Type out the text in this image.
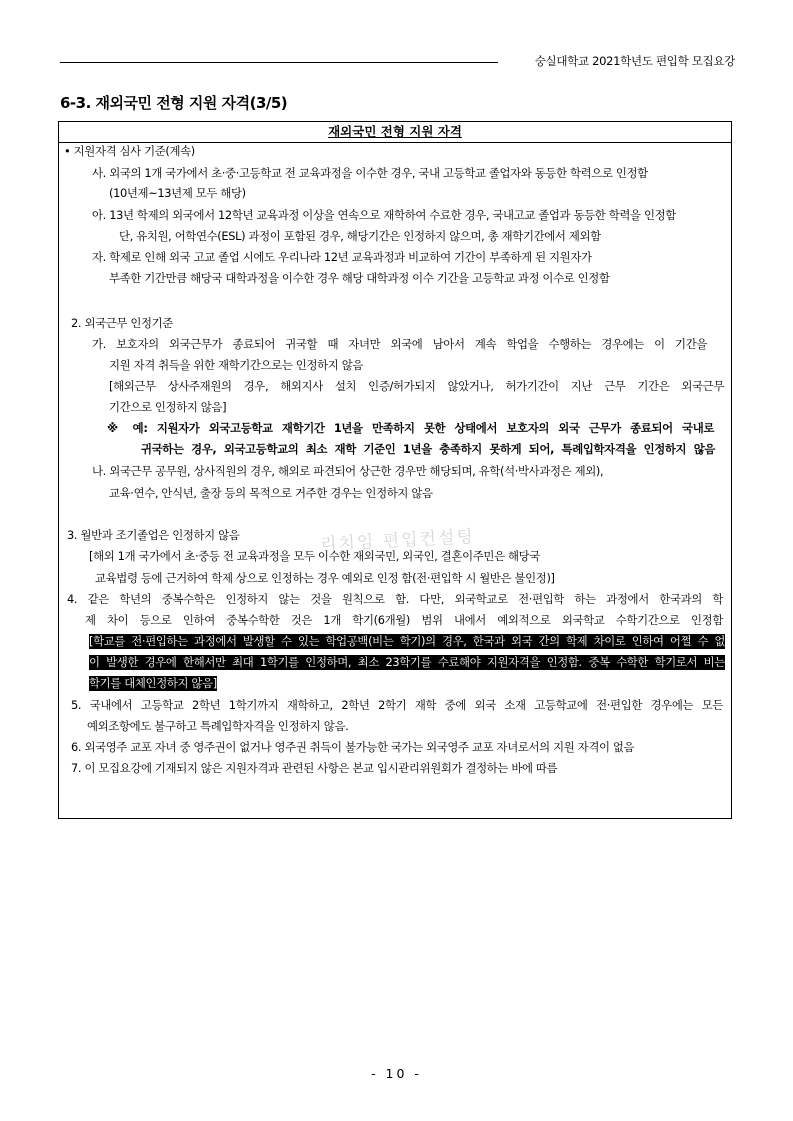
숭실대학교 2021학년도 편입학 모집요강
6-3. 재외국민 전형 지원 자격(3/5)
재외국민 전형 지원 자격
• 지원자격 심사 기준(계속)
사. 외국의 1개 국가에서 초·중·고등학교 전 교육과정을 이수한 경우, 국내 고등학교 졸업자와 동등한 학력으로 인정함
(10년제~13년제 모두 해당)
아. 13년 학제의 외국에서 12학년 교육과정 이상을 연속으로 재학하여 수료한 경우, 국내고교 졸업과 동등한 학력을 인정함
단, 유치원, 어학연수(ESL) 과정이 포함된 경우, 해당기간은 인정하지 않으며, 총 재학기간에서 제외함
자. 학제로 인해 외국 고교 졸업 시에도 우리나라 12년 교육과정과 비교하여 기간이 부족하게 된 지원자가
부족한 기간만큼 해당국 대학과정을 이수한 경우 해당 대학과정 이수 기간을 고등학교 과정 이수로 인정함
2. 외국근무 인정기준
가. 보호자의 외국근무가 종료되어 귀국할 때 자녀만 외국에 남아서 계속 학업을 수행하는 경우에는 이 기간을
지원 자격 취득을 위한 재학기간으로는 인정하지 않음
[해외근무 상사주재원의 경우, 해외지사 설치 인증/허가되지 않았거나, 허가기간이 지난 근무 기간은 외국근무
기간으로 인정하지 않음]
※ 예: 지원자가 외국고등학교 재학기간 1년을 만족하지 못한 상태에서 보호자의 외국 근무가 종료되어 국내로
귀국하는 경우, 외국고등학교의 최소 재학 기준인 1년을 충족하지 못하게 되어, 특례입학자격을 인정하지 않음
나. 외국근무 공무원, 상사직원의 경우, 해외로 파견되어 상근한 경우만 해당되며, 유학(석·박사과정은 제외),
교육·연수, 안식년, 출장 등의 목적으로 거주한 경우는 인정하지 않음
3. 월반과 조기졸업은 인정하지 않음
[해외 1개 국가에서 초·중등 전 교육과정을 모두 이수한 재외국민, 외국인, 결혼이주민은 해당국
교육법령 등에 근거하여 학제 상으로 인정하는 경우 예외로 인정 함(전·편입학 시 월반은 불인정)]
4. 같은 학년의 중복수학은 인정하지 않는 것을 원칙으로 함. 다만, 외국학교로 전·편입학 하는 과정에서 한국과의 학
제 차이 등으로 인하여 중복수학한 것은 1개 학기(6개월) 범위 내에서 예외적으로 외국학교 수학기간으로 인정함
[학교를 전·편입하는 과정에서 발생할 수 있는 학업공백(비는 학기)의 경우, 한국과 외국 간의 학제 차이로 인하여 어쩔 수 없
이 발생한 경우에 한해서만 최대 1학기를 인정하며, 최소 23학기를 수료해야 지원자격을 인정함. 중복 수학한 학기로서 비는
학기를 대체인정하지 않음]
5. 국내에서 고등학교 2학년 1학기까지 재학하고, 2학년 2학기 재학 중에 외국 소재 고등학교에 전·편입한 경우에는 모든
예외조항에도 불구하고 특례입학자격을 인정하지 않음.
6. 외국영주 교포 자녀 중 영주권이 없거나 영주권 취득이 불가능한 국가는 외국영주 교포 자녀로서의 지원 자격이 없음
7. 이 모집요강에 기재되지 않은 지원자격과 관련된 사항은 본교 입시관리위원회가 결정하는 바에 따름
리치임 편입컨설팅
- 10 -
